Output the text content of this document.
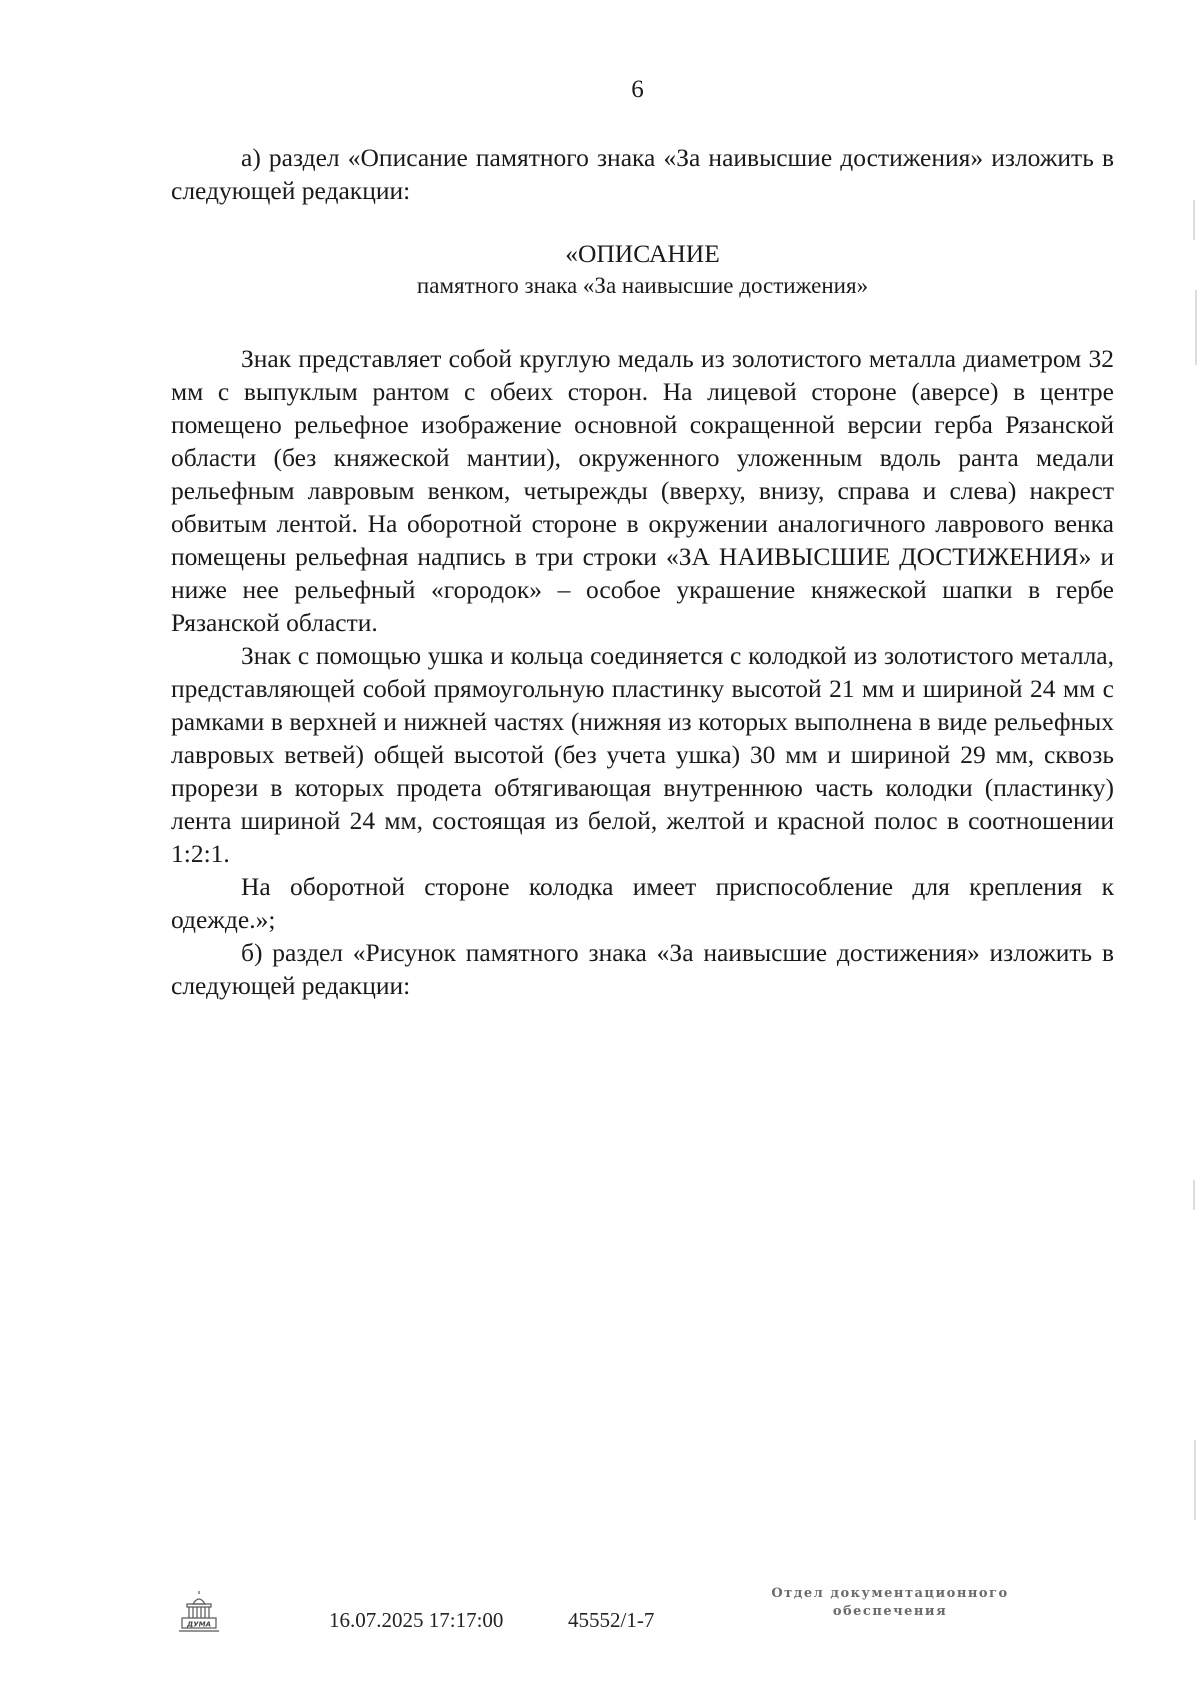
6

а) раздел «Описание памятного знака «За наивысшие достижения» изложить в следующей редакции:

«ОПИСАНИЕ
памятного знака «За наивысшие достижения»

Знак представляет собой круглую медаль из золотистого металла диаметром 32 мм с выпуклым рантом с обеих сторон. На лицевой стороне (аверсе) в центре помещено рельефное изображение основной сокращенной версии герба Рязанской области (без княжеской мантии), окруженного уложенным вдоль ранта медали рельефным лавровым венком, четырежды (вверху, внизу, справа и слева) накрест обвитым лентой. На оборотной стороне в окружении аналогичного лаврового венка помещены рельефная надпись в три строки «ЗА НАИВЫСШИЕ ДОСТИЖЕНИЯ» и ниже нее рельефный «городок» – особое украшение княжеской шапки в гербе Рязанской области.

Знак с помощью ушка и кольца соединяется с колодкой из золотистого металла, представляющей собой прямоугольную пластинку высотой 21 мм и шириной 24 мм с рамками в верхней и нижней частях (нижняя из которых выполнена в виде рельефных лавровых ветвей) общей высотой (без учета ушка) 30 мм и шириной 29 мм, сквозь прорези в которых продета обтягивающая внутреннюю часть колодки (пластинку) лента шириной 24 мм, состоящая из белой, желтой и красной полос в соотношении 1:2:1.

На оборотной стороне колодка имеет приспособление для крепления к одежде.»;

б) раздел «Рисунок памятного знака «За наивысшие достижения» изложить в следующей редакции:

ДУМА	16.07.2025 17:17:00	45552/1-7
Отдел документационного
обеспечения
